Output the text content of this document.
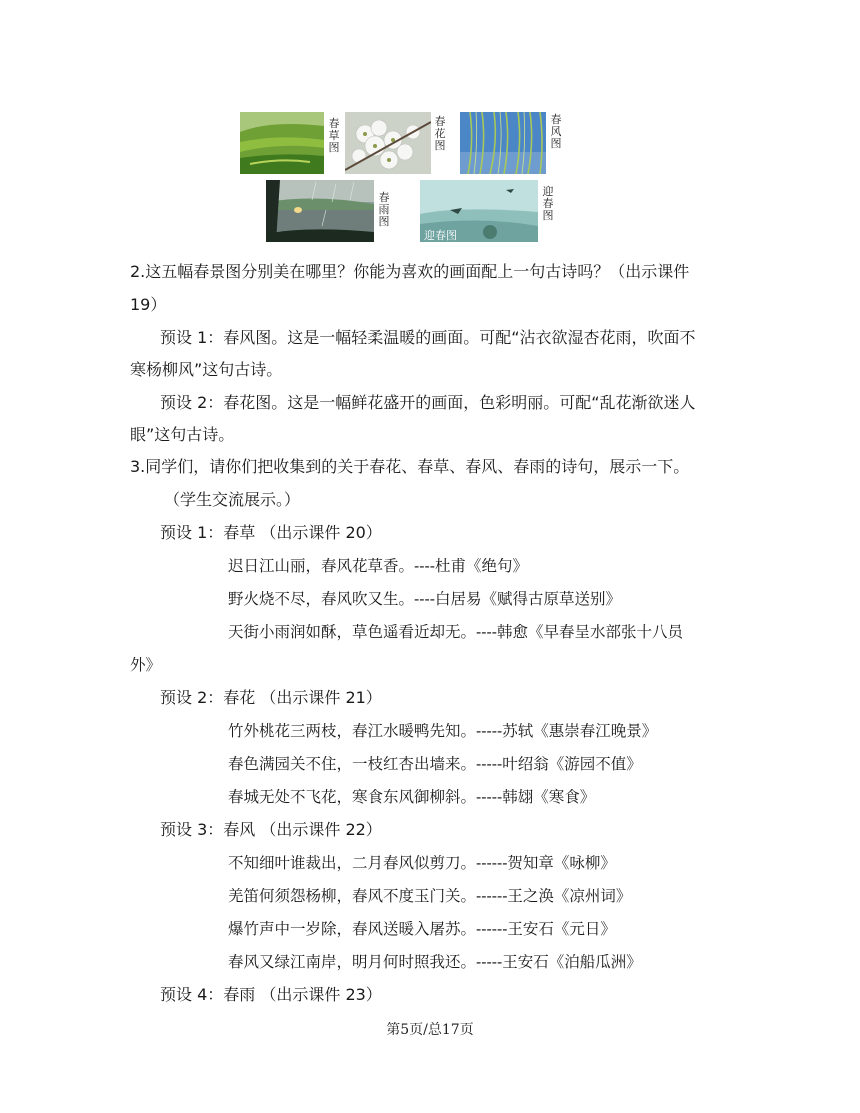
春草图
春花图
春风图
春雨图
迎春图
迎春图
2.这五幅春景图分别美在哪里？你能为喜欢的画面配上一句古诗吗？（出示课件
19）
预设 1：春风图。这是一幅轻柔温暖的画面。可配“沾衣欲湿杏花雨，吹面不
寒杨柳风”这句古诗。
预设 2：春花图。这是一幅鲜花盛开的画面，色彩明丽。可配“乱花渐欲迷人
眼”这句古诗。
3.同学们，请你们把收集到的关于春花、春草、春风、春雨的诗句，展示一下。
（学生交流展示。）
预设 1：春草 （出示课件 20）
迟日江山丽，春风花草香。----杜甫《绝句》
野火烧不尽，春风吹又生。----白居易《赋得古原草送别》
天街小雨润如酥，草色遥看近却无。----韩愈《早春呈水部张十八员
外》
预设 2：春花 （出示课件 21）
竹外桃花三两枝，春江水暖鸭先知。-----苏轼《惠崇春江晚景》
春色满园关不住，一枝红杏出墙来。-----叶绍翁《游园不值》
春城无处不飞花，寒食东风御柳斜。-----韩翃《寒食》
预设 3：春风 （出示课件 22）
不知细叶谁裁出，二月春风似剪刀。------贺知章《咏柳》
羌笛何须怨杨柳，春风不度玉门关。------王之涣《凉州词》
爆竹声中一岁除，春风送暖入屠苏。------王安石《元日》
春风又绿江南岸，明月何时照我还。-----王安石《泊船瓜洲》
预设 4：春雨 （出示课件 23）
第5页/总17页
